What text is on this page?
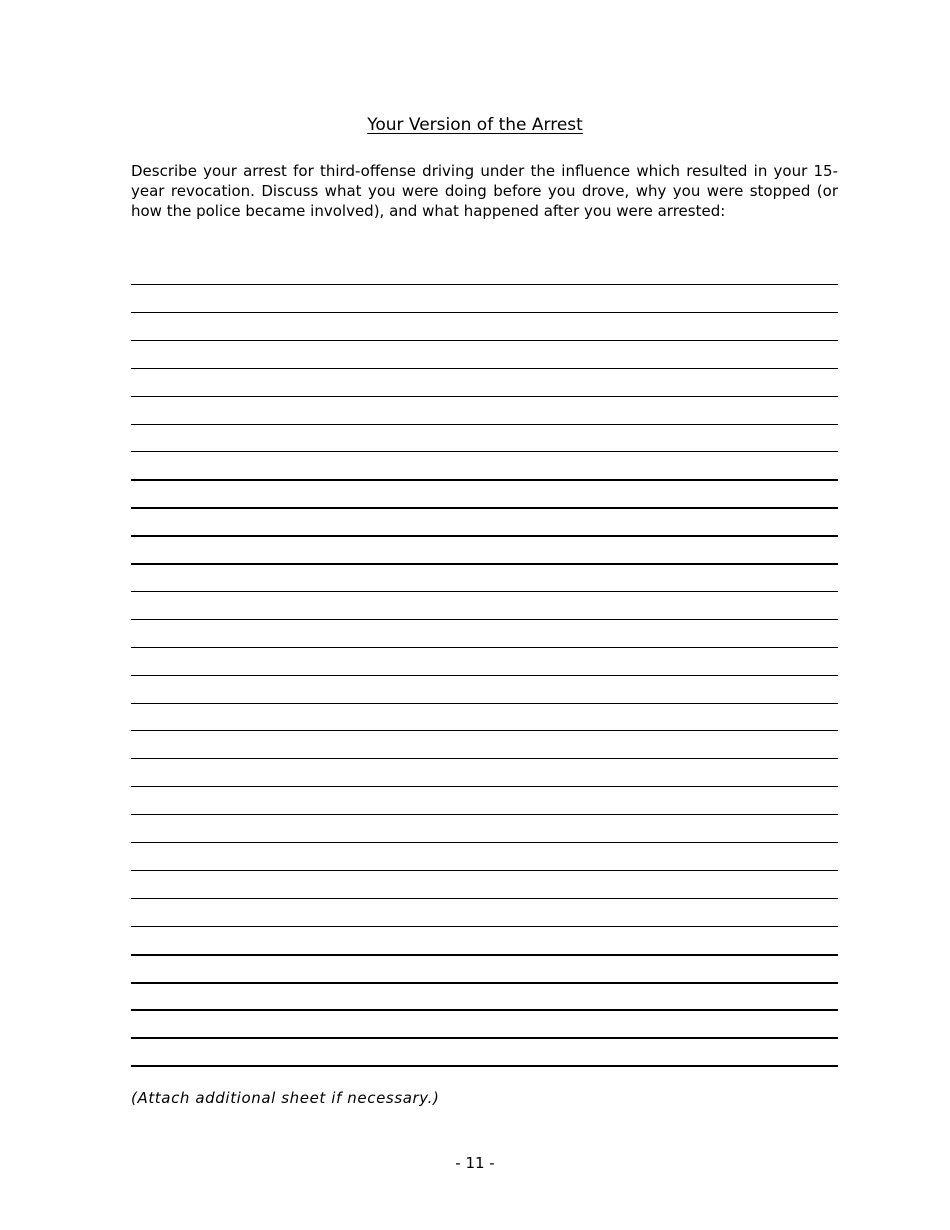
Your Version of the Arrest

Describe your arrest for third-offense driving under the influence which resulted in your 15-year revocation. Discuss what you were doing before you drove, why you were stopped (or how the police became involved), and what happened after you were arrested:

(Attach additional sheet if necessary.)
- 11 -
